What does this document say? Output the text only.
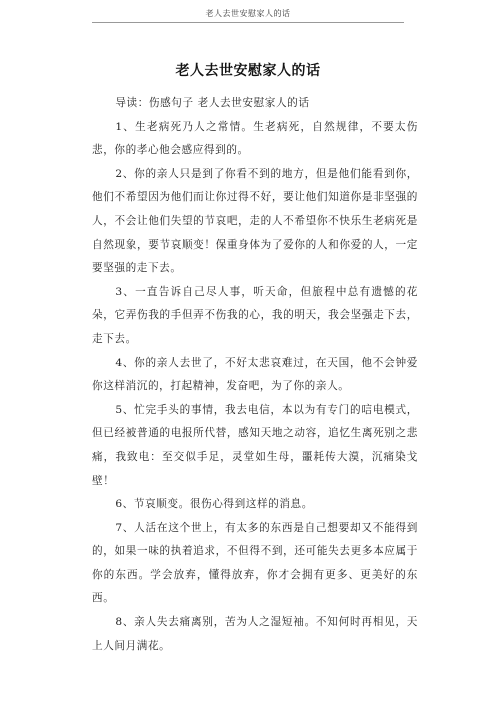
老人去世安慰家人的话
老人去世安慰家人的话

导读：伤感句子 老人去世安慰家人的话

1、生老病死乃人之常情。生老病死，自然规律，不要太伤悲，你的孝心他会感应得到的。

2、你的亲人只是到了你看不到的地方，但是他们能看到你，他们不希望因为他们而让你过得不好，要让他们知道你是非坚强的人，不会让他们失望的节哀吧，走的人不希望你不快乐生老病死是自然现象，要节哀顺变！保重身体为了爱你的人和你爱的人，一定要坚强的走下去。

3、一直告诉自己尽人事，听天命，但旅程中总有遗憾的花朵，它弄伤我的手但弄不伤我的心，我的明天，我会坚强走下去，走下去。

4、你的亲人去世了，不好太悲哀难过，在天国，他不会钟爱你这样消沉的，打起精神，发奋吧，为了你的亲人。

5、忙完手头的事情，我去电信，本以为有专门的唁电模式，但已经被普通的电报所代替，感知天地之动容，追忆生离死别之悲痛，我致电：至交似手足，灵堂如生母，噩耗传大漠，沉痛染戈壁！

6、节哀顺变。很伤心得到这样的消息。

7、人活在这个世上，有太多的东西是自己想要却又不能得到的，如果一味的执着追求，不但得不到，还可能失去更多本应属于你的东西。学会放弃，懂得放弃，你才会拥有更多、更美好的东西。

8、亲人失去痛离别，苦为人之湿短袖。不知何时再相见，天上人间月满花。
